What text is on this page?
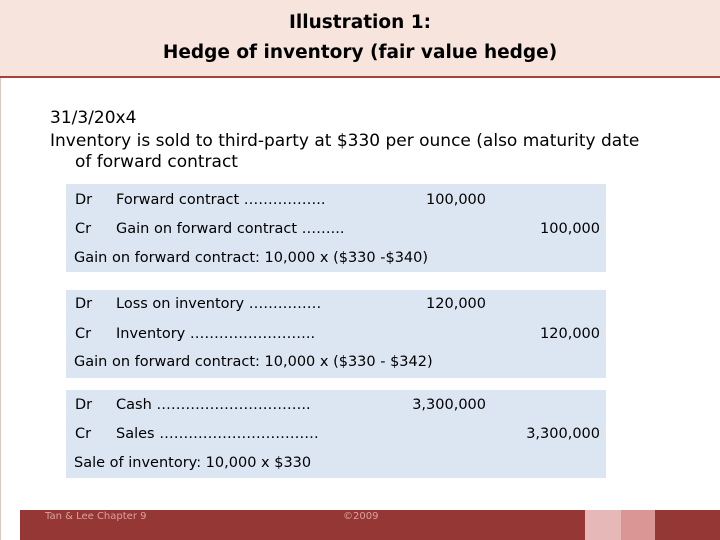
Illustration 1:
Hedge of inventory (fair value hedge)
31/3/20x4
Inventory is sold to third-party at $330 per ounce (also maturity date
of forward contract
Dr Forward contract ……………..	100,000
Cr Gain on forward contract ……...	100,000
Gain on forward contract: 10,000 x ($330 -$340)
Dr Loss on inventory ……………	120,000
Cr Inventory ……………………..	120,000
Gain on forward contract: 10,000 x ($330 - $342)
Dr Cash …………………………..	3,300,000
Cr Sales ……………………………	3,300,000
Sale of inventory: 10,000 x $330
Tan & Lee Chapter 9	©2009
